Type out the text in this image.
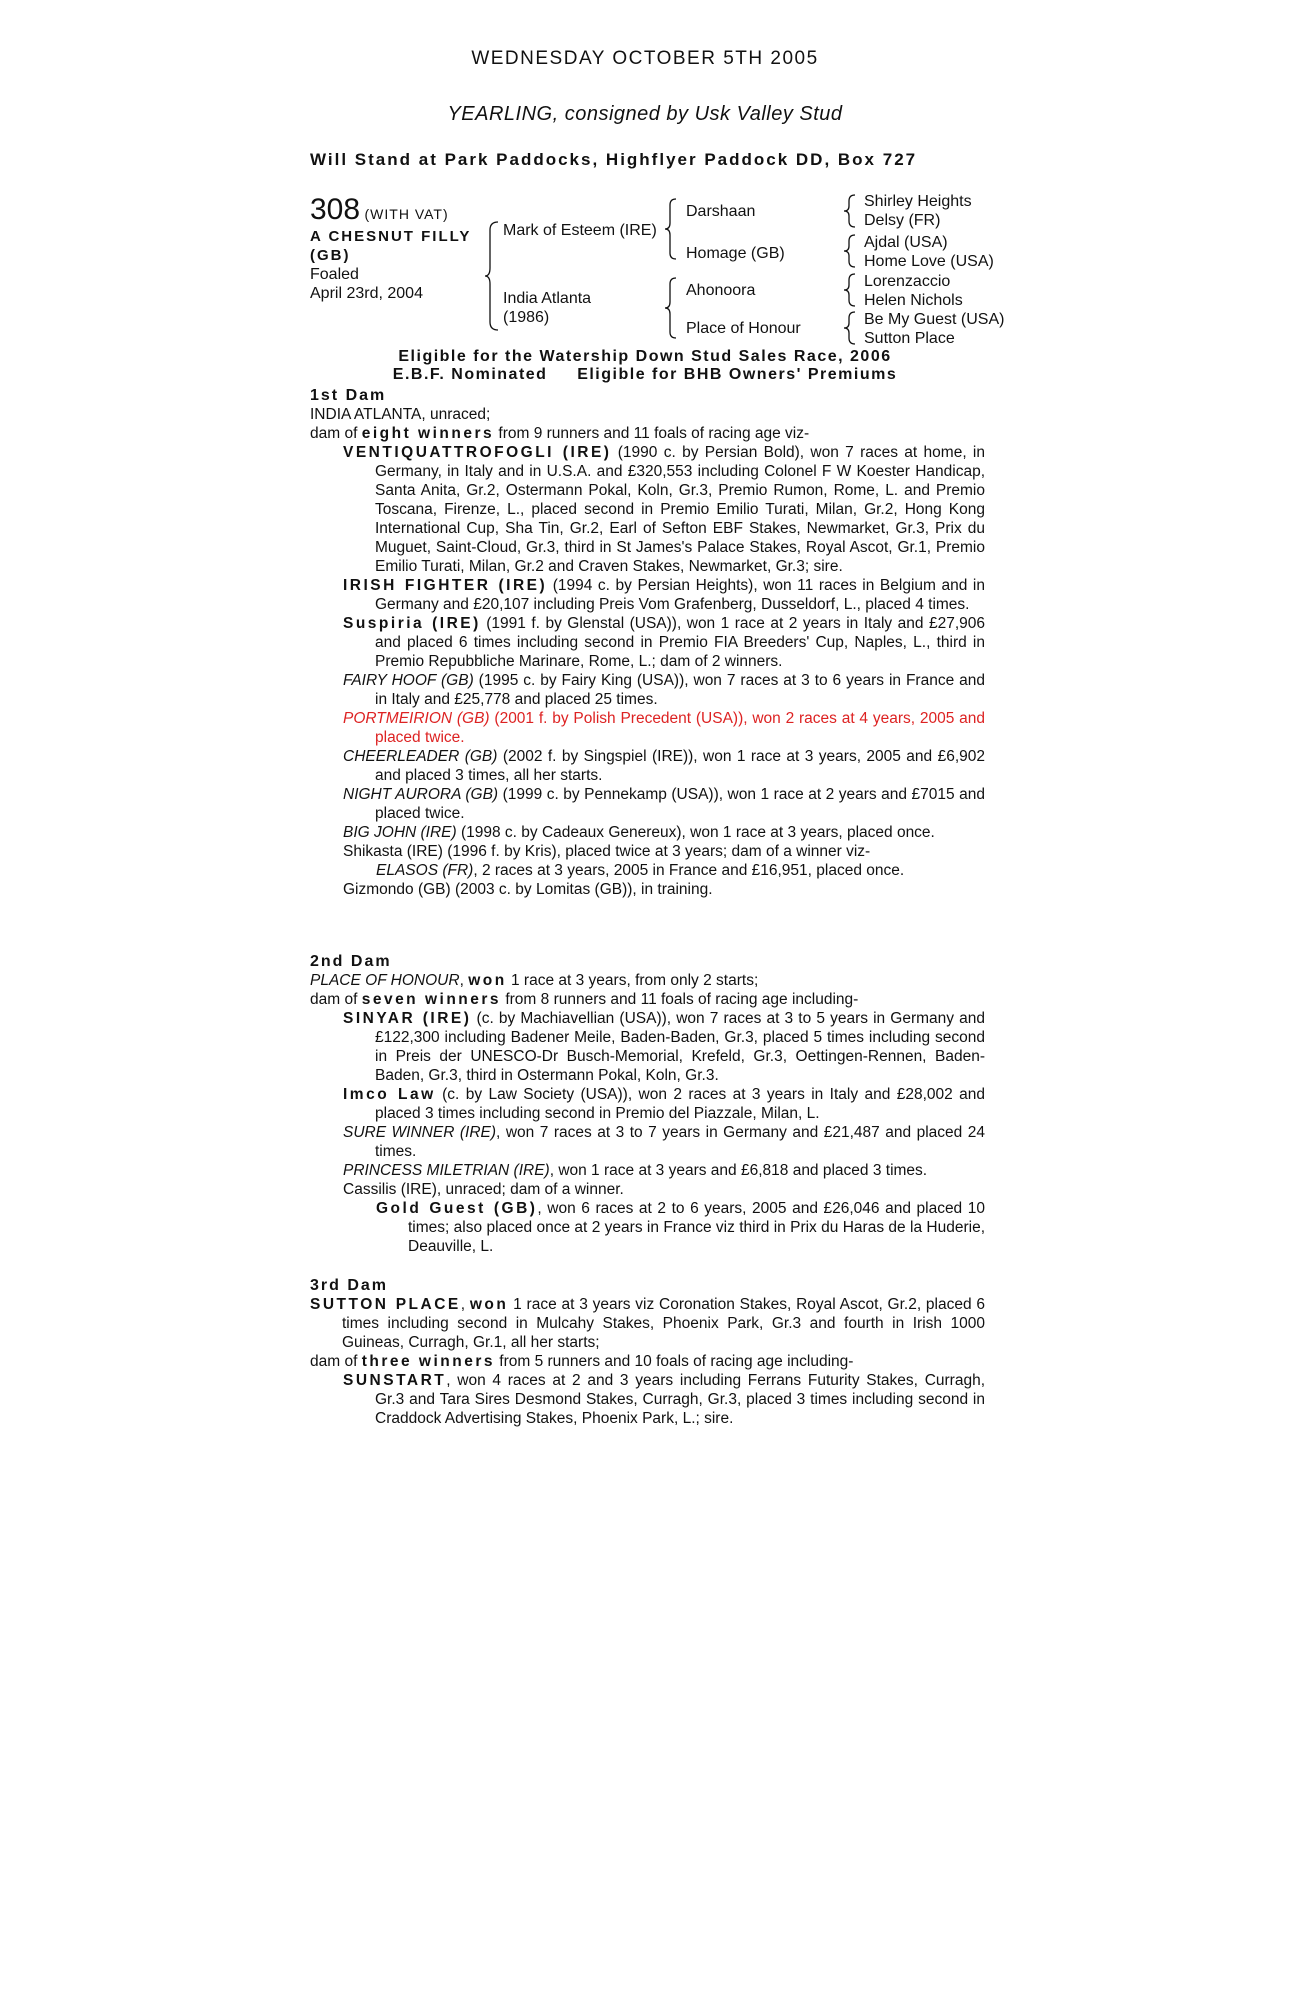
WEDNESDAY OCTOBER 5TH 2005
YEARLING, consigned by Usk Valley Stud
Will Stand at Park Paddocks, Highflyer Paddock DD, Box 727
308 (WITH VAT)
A CHESNUT FILLY
(GB)
Foaled
April 23rd, 2004
Mark of Esteem (IRE)
India Atlanta
(1986)
Darshaan
Homage (GB)
Ahonoora
Place of Honour
Shirley Heights
Delsy (FR)
Ajdal (USA)
Home Love (USA)
Lorenzaccio
Helen Nichols
Be My Guest (USA)
Sutton Place
Eligible for the Watership Down Stud Sales Race, 2006
E.B.F. Nominated Eligible for BHB Owners' Premiums
1st Dam
INDIA ATLANTA, unraced;
dam of eight winners from 9 runners and 11 foals of racing age viz-
VENTIQUATTROFOGLI (IRE) (1990 c. by Persian Bold), won 7 races at home, in Germany, in Italy and in U.S.A. and £320,553 including Colonel F W Koester Handicap, Santa Anita, Gr.2, Ostermann Pokal, Koln, Gr.3, Premio Rumon, Rome, L. and Premio Toscana, Firenze, L., placed second in Premio Emilio Turati, Milan, Gr.2, Hong Kong International Cup, Sha Tin, Gr.2, Earl of Sefton EBF Stakes, Newmarket, Gr.3, Prix du Muguet, Saint-Cloud, Gr.3, third in St James's Palace Stakes, Royal Ascot, Gr.1, Premio Emilio Turati, Milan, Gr.2 and Craven Stakes, Newmarket, Gr.3; sire.
IRISH FIGHTER (IRE) (1994 c. by Persian Heights), won 11 races in Belgium and in Germany and £20,107 including Preis Vom Grafenberg, Dusseldorf, L., placed 4 times.
Suspiria (IRE) (1991 f. by Glenstal (USA)), won 1 race at 2 years in Italy and £27,906 and placed 6 times including second in Premio FIA Breeders' Cup, Naples, L., third in Premio Repubbliche Marinare, Rome, L.; dam of 2 winners.
FAIRY HOOF (GB) (1995 c. by Fairy King (USA)), won 7 races at 3 to 6 years in France and in Italy and £25,778 and placed 25 times.
PORTMEIRION (GB) (2001 f. by Polish Precedent (USA)), won 2 races at 4 years, 2005 and placed twice.
CHEERLEADER (GB) (2002 f. by Singspiel (IRE)), won 1 race at 3 years, 2005 and £6,902 and placed 3 times, all her starts.
NIGHT AURORA (GB) (1999 c. by Pennekamp (USA)), won 1 race at 2 years and £7015 and placed twice.
BIG JOHN (IRE) (1998 c. by Cadeaux Genereux), won 1 race at 3 years, placed once.
Shikasta (IRE) (1996 f. by Kris), placed twice at 3 years; dam of a winner viz-
ELASOS (FR), 2 races at 3 years, 2005 in France and £16,951, placed once.
Gizmondo (GB) (2003 c. by Lomitas (GB)), in training.
2nd Dam
PLACE OF HONOUR, won 1 race at 3 years, from only 2 starts;
dam of seven winners from 8 runners and 11 foals of racing age including-
SINYAR (IRE) (c. by Machiavellian (USA)), won 7 races at 3 to 5 years in Germany and £122,300 including Badener Meile, Baden-Baden, Gr.3, placed 5 times including second in Preis der UNESCO-Dr Busch-Memorial, Krefeld, Gr.3, Oettingen-Rennen, Baden-Baden, Gr.3, third in Ostermann Pokal, Koln, Gr.3.
Imco Law (c. by Law Society (USA)), won 2 races at 3 years in Italy and £28,002 and placed 3 times including second in Premio del Piazzale, Milan, L.
SURE WINNER (IRE), won 7 races at 3 to 7 years in Germany and £21,487 and placed 24 times.
PRINCESS MILETRIAN (IRE), won 1 race at 3 years and £6,818 and placed 3 times.
Cassilis (IRE), unraced; dam of a winner.
Gold Guest (GB), won 6 races at 2 to 6 years, 2005 and £26,046 and placed 10 times; also placed once at 2 years in France viz third in Prix du Haras de la Huderie, Deauville, L.
3rd Dam
SUTTON PLACE, won 1 race at 3 years viz Coronation Stakes, Royal Ascot, Gr.2, placed 6 times including second in Mulcahy Stakes, Phoenix Park, Gr.3 and fourth in Irish 1000 Guineas, Curragh, Gr.1, all her starts;
dam of three winners from 5 runners and 10 foals of racing age including-
SUNSTART, won 4 races at 2 and 3 years including Ferrans Futurity Stakes, Curragh, Gr.3 and Tara Sires Desmond Stakes, Curragh, Gr.3, placed 3 times including second in Craddock Advertising Stakes, Phoenix Park, L.; sire.
